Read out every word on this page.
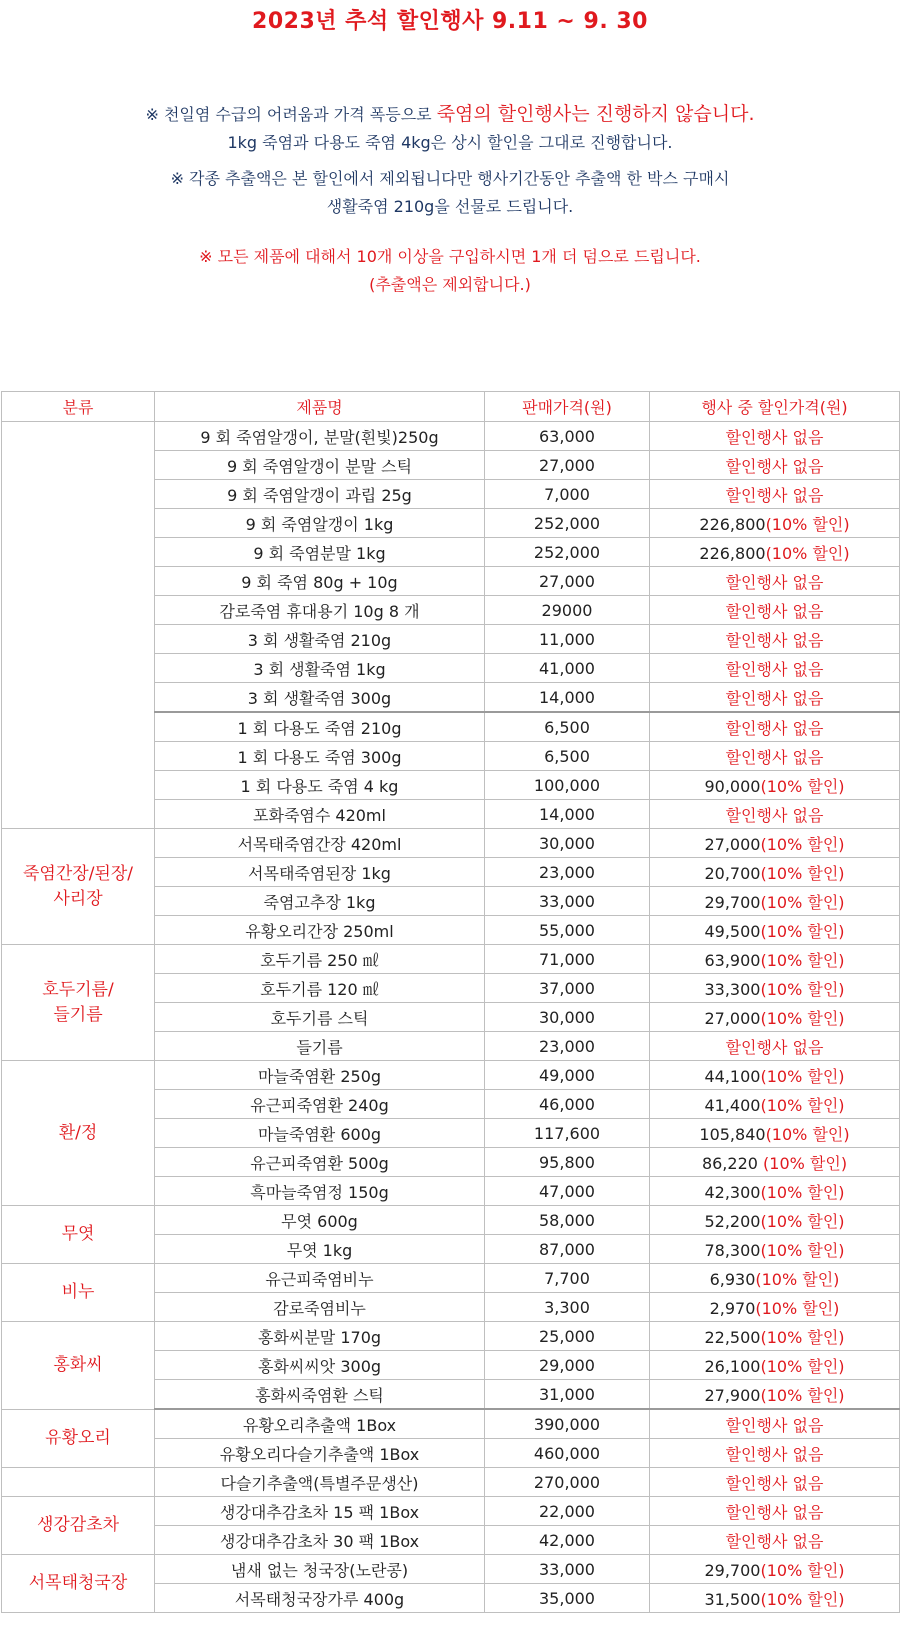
2023년 추석 할인행사 9.11 ~ 9. 30

※ 천일염 수급의 어려움과 가격 폭등으로 죽염의 할인행사는 진행하지 않습니다.

1kg 죽염과 다용도 죽염 4kg은 상시 할인을 그대로 진행합니다.

※ 각종 추출액은 본 할인에서 제외됩니다만 행사기간동안 추출액 한 박스 구매시

생활죽염 210g을 선물로 드립니다.

※ 모든 제품에 대해서 10개 이상을 구입하시면 1개 더 덤으로 드립니다.

(추출액은 제외합니다.)

분류	제품명	판매가격(원)	행사 중 할인가격(원)
	9 회 죽염알갱이, 분말(흰빛)250g	63,000	할인행사 없음
	9 회 죽염알갱이 분말 스틱	27,000	할인행사 없음
	9 회 죽염알갱이 과립 25g	7,000	할인행사 없음
	9 회 죽염알갱이 1kg	252,000	226,800(10% 할인)
	9 회 죽염분말 1kg	252,000	226,800(10% 할인)
	9 회 죽염 80g + 10g	27,000	할인행사 없음
	감로죽염 휴대용기 10g 8 개	29000	할인행사 없음
	3 회 생활죽염 210g	11,000	할인행사 없음
	3 회 생활죽염 1kg	41,000	할인행사 없음
	3 회 생활죽염 300g	14,000	할인행사 없음
	1 회 다용도 죽염 210g	6,500	할인행사 없음
	1 회 다용도 죽염 300g	6,500	할인행사 없음
	1 회 다용도 죽염 4 kg	100,000	90,000(10% 할인)
	포화죽염수 420ml	14,000	할인행사 없음
죽염간장/된장/
사리장	서목태죽염간장 420ml	30,000	27,000(10% 할인)
	서목태죽염된장 1kg	23,000	20,700(10% 할인)
	죽염고추장 1kg	33,000	29,700(10% 할인)
	유황오리간장 250ml	55,000	49,500(10% 할인)
호두기름/
들기름	호두기름 250 ㎖	71,000	63,900(10% 할인)
	호두기름 120 ㎖	37,000	33,300(10% 할인)
	호두기름 스틱	30,000	27,000(10% 할인)
	들기름	23,000	할인행사 없음
환/정	마늘죽염환 250g	49,000	44,100(10% 할인)
	유근피죽염환 240g	46,000	41,400(10% 할인)
	마늘죽염환 600g	117,600	105,840(10% 할인)
	유근피죽염환 500g	95,800	86,220 (10% 할인)
	흑마늘죽염정 150g	47,000	42,300(10% 할인)
무엿	무엿 600g	58,000	52,200(10% 할인)
	무엿 1kg	87,000	78,300(10% 할인)
비누	유근피죽염비누	7,700	6,930(10% 할인)
	감로죽염비누	3,300	2,970(10% 할인)
홍화씨	홍화씨분말 170g	25,000	22,500(10% 할인)
	홍화씨씨앗 300g	29,000	26,100(10% 할인)
	홍화씨죽염환 스틱	31,000	27,900(10% 할인)
유황오리	유황오리추출액 1Box	390,000	할인행사 없음
	유황오리다슬기추출액 1Box	460,000	할인행사 없음
	다슬기추출액(특별주문생산)	270,000	할인행사 없음
생강감초차	생강대추감초차 15 팩 1Box	22,000	할인행사 없음
	생강대추감초차 30 팩 1Box	42,000	할인행사 없음
서목태청국장	냄새 없는 청국장(노란콩)	33,000	29,700(10% 할인)
	서목태청국장가루 400g	35,000	31,500(10% 할인)
